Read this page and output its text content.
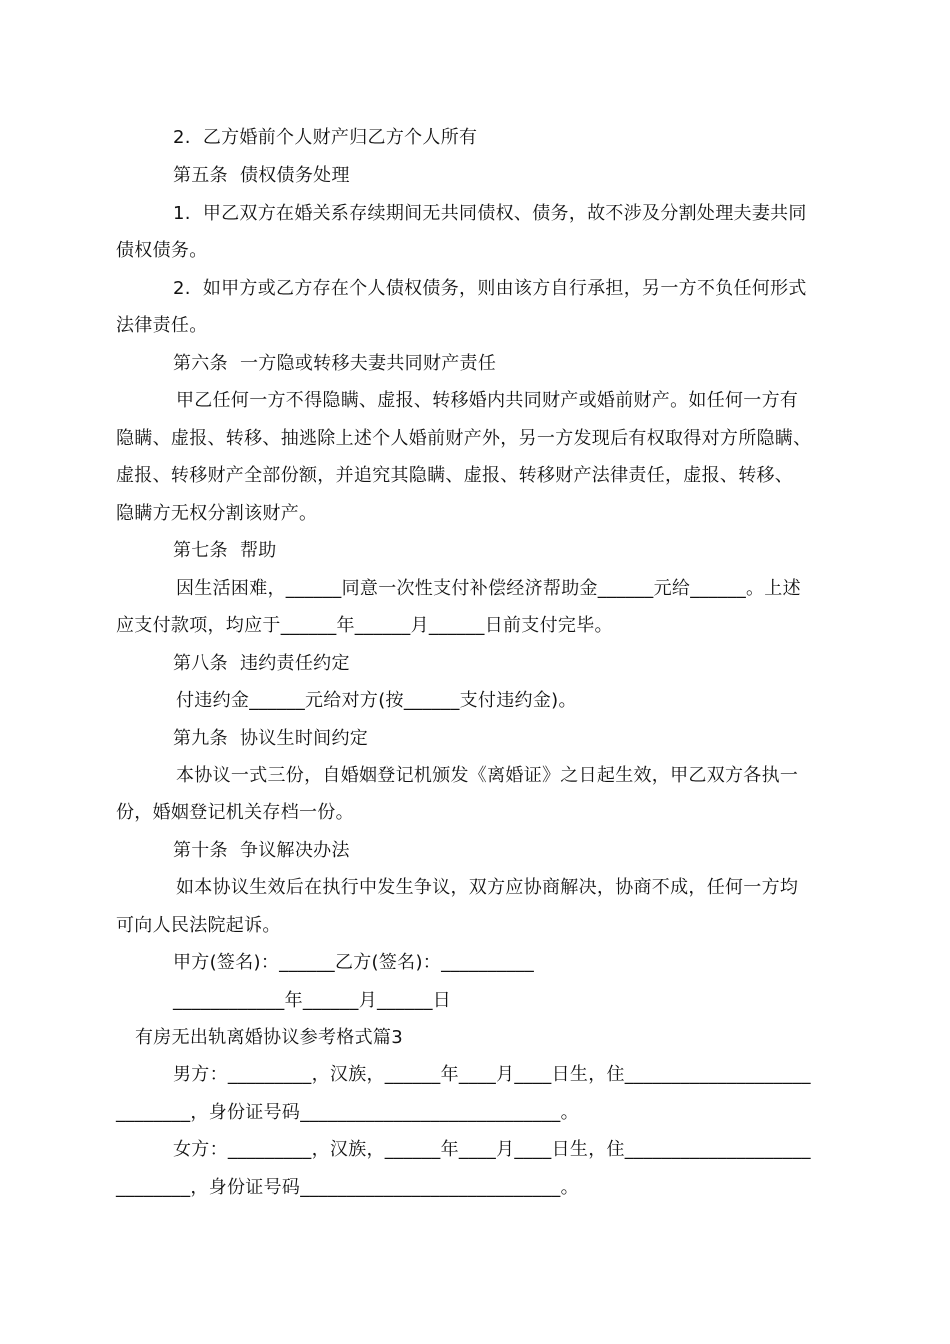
2.  乙方婚前个人财产归乙方个人所有
第五条  债权债务处理
1.  甲乙双方在婚关系存续期间无共同债权、债务，故不涉及分割处理夫妻共同
债权债务。
2.  如甲方或乙方存在个人债权债务，则由该方自行承担，另一方不负任何形式
法律责任。
第六条  一方隐或转移夫妻共同财产责任
甲乙任何一方不得隐瞒、虚报、转移婚内共同财产或婚前财产。如任何一方有
隐瞒、虚报、转移、抽逃除上述个人婚前财产外，另一方发现后有权取得对方所隐瞒、
虚报、转移财产全部份额，并追究其隐瞒、虚报、转移财产法律责任，虚报、转移、
隐瞒方无权分割该财产。
第七条  帮助
因生活困难，______同意一次性支付补偿经济帮助金______元给______。上述
应支付款项，均应于______年______月______日前支付完毕。
第八条  违约责任约定
付违约金______元给对方(按______支付违约金)。
第九条  协议生时间约定
本协议一式三份，自婚姻登记机颁发《离婚证》之日起生效，甲乙双方各执一
份，婚姻登记机关存档一份。
第十条  争议解决办法
如本协议生效后在执行中发生争议，双方应协商解决，协商不成，任何一方均
可向人民法院起诉。
甲方(签名)：______乙方(签名)：__________
____________年______月______日
有房无出轨离婚协议参考格式篇3
男方：_________，汉族，______年____月____日生，住____________________
________，身份证号码____________________________。
女方：_________，汉族，______年____月____日生，住____________________
________，身份证号码____________________________。
